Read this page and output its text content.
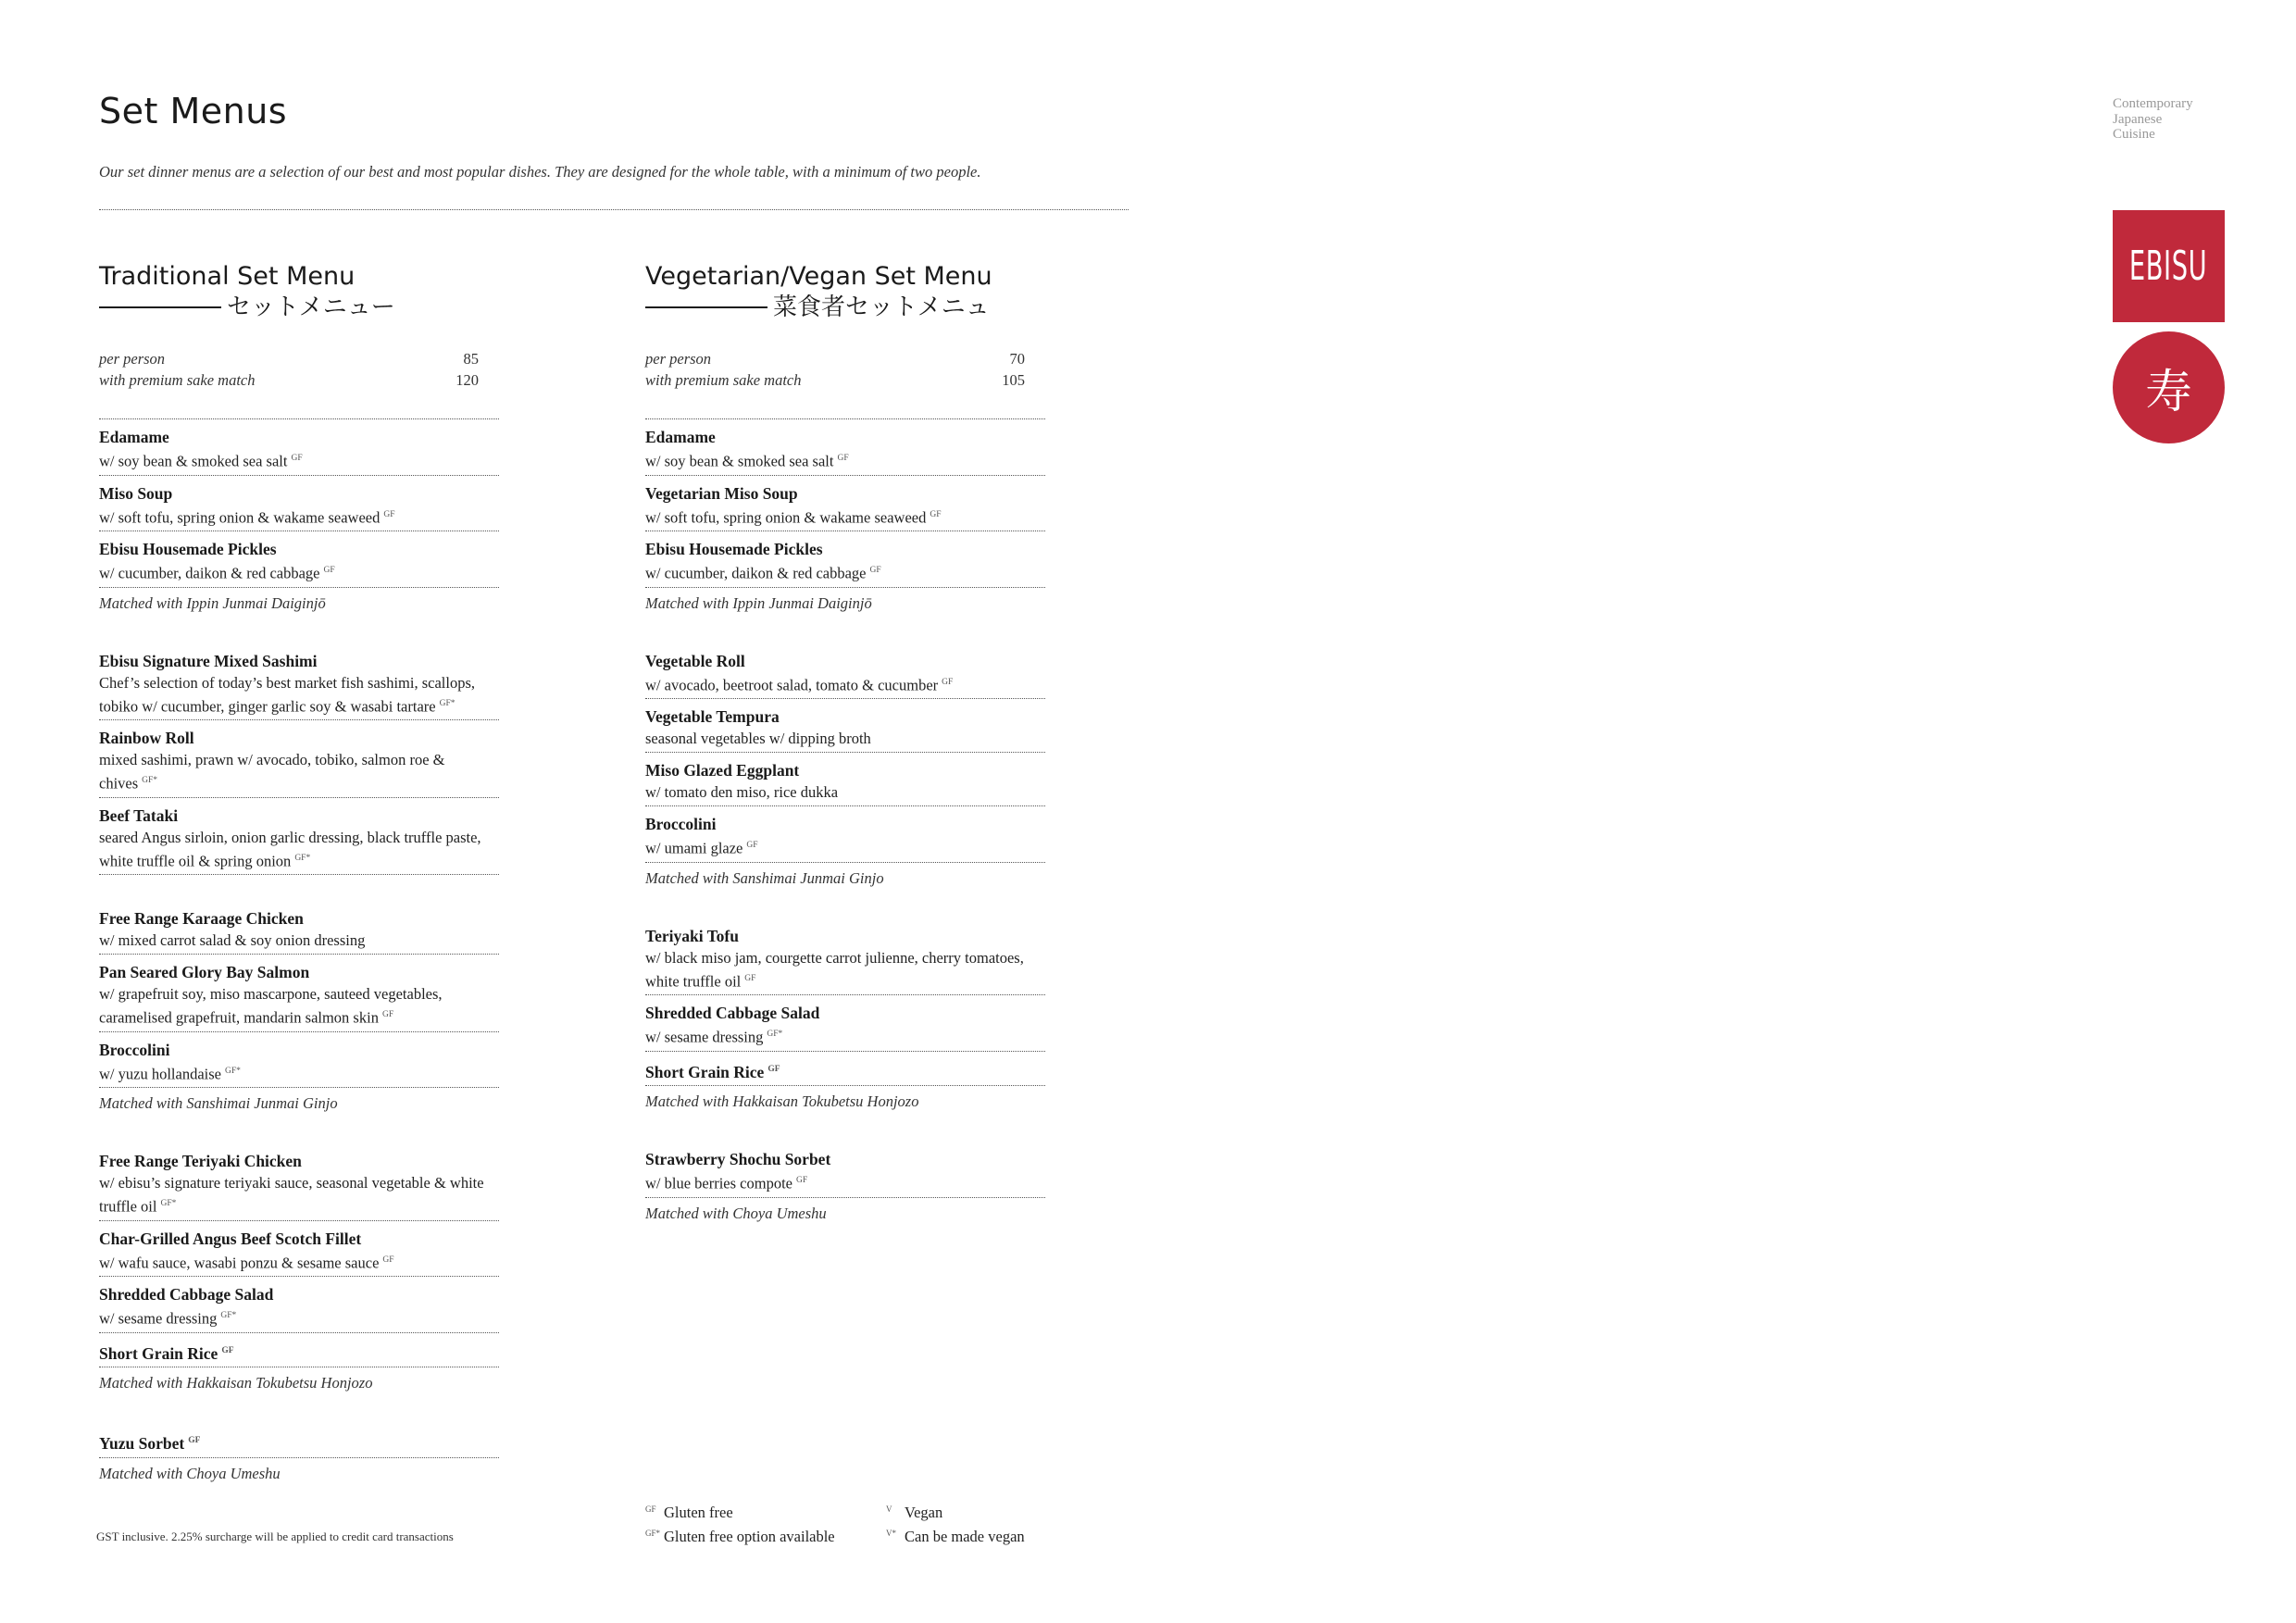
Set Menus

Our set dinner menus are a selection of our best and most popular dishes. They are designed for the whole table, with a minimum of two people.

Contemporary
Japanese
Cuisine
EBISU
寿
Traditional Set Menu
セットメニュー
per person	85
with premium sake match	120
Edamame
w/ soy bean & smoked sea salt $^{GF}$
Miso Soup
w/ soft tofu, spring onion & wakame seaweed $^{GF}$
Ebisu Housemade Pickles
w/ cucumber, daikon & red cabbage $^{GF}$
Matched with Ippin Junmai Daiginjō
Ebisu Signature Mixed Sashimi
Chef’s selection of today’s best market fish sashimi, scallops, tobiko w/ cucumber, ginger garlic soy & wasabi tartare $^{GF*}$
Rainbow Roll
mixed sashimi, prawn w/ avocado, tobiko, salmon roe & chives $^{GF*}$
Beef Tataki
seared Angus sirloin, onion garlic dressing, black truffle paste, white truffle oil & spring onion $^{GF*}$
Free Range Karaage Chicken
w/ mixed carrot salad & soy onion dressing
Pan Seared Glory Bay Salmon
w/ grapefruit soy, miso mascarpone, sauteed vegetables, caramelised grapefruit, mandarin salmon skin $^{GF}$
Broccolini
w/ yuzu hollandaise $^{GF*}$
Matched with Sanshimai Junmai Ginjo
Free Range Teriyaki Chicken
w/ ebisu’s signature teriyaki sauce, seasonal vegetable & white truffle oil $^{GF*}$
Char-Grilled Angus Beef Scotch Fillet
w/ wafu sauce, wasabi ponzu & sesame sauce $^{GF}$
Shredded Cabbage Salad
w/ sesame dressing $^{GF*}$
Short Grain Rice $^{GF}$
Matched with Hakkaisan Tokubetsu Honjozo
Yuzu Sorbet $^{GF}$
Matched with Choya Umeshu
Vegetarian/Vegan Set Menu
菜食者セットメニュ
per person	70
with premium sake match	105
Edamame
w/ soy bean & smoked sea salt $^{GF}$
Vegetarian Miso Soup
w/ soft tofu, spring onion & wakame seaweed $^{GF}$
Ebisu Housemade Pickles
w/ cucumber, daikon & red cabbage $^{GF}$
Matched with Ippin Junmai Daiginjō
Vegetable Roll
w/ avocado, beetroot salad, tomato & cucumber $^{GF}$
Vegetable Tempura
seasonal vegetables w/ dipping broth
Miso Glazed Eggplant
w/ tomato den miso, rice dukka
Broccolini
w/ umami glaze $^{GF}$
Matched with Sanshimai Junmai Ginjo
Teriyaki Tofu
w/ black miso jam, courgette carrot julienne, cherry tomatoes, white truffle oil $^{GF}$
Shredded Cabbage Salad
w/ sesame dressing $^{GF*}$
Short Grain Rice $^{GF}$
Matched with Hakkaisan Tokubetsu Honjozo
Strawberry Shochu Sorbet
w/ blue berries compote $^{GF}$
Matched with Choya Umeshu
GST inclusive. 2.25% surcharge will be applied to credit card transactions
GF Gluten free
GF* Gluten free option available
V Vegan
V* Can be made vegan
